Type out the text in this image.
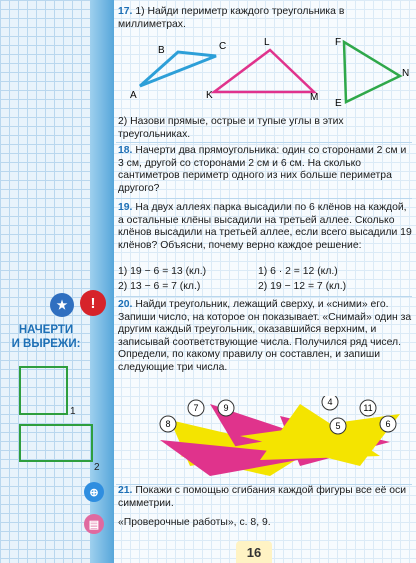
★	!
НАЧЕРТИ
И ВЫРЕЖИ:
1
2
⊕
▤
17. 1) Найди периметр каждого треугольника в миллиметрах.
B	C	L	F
A	K	M
N
E
2) Назови прямые, острые и тупые углы в этих треугольниках.
18. Начерти два прямоугольника: один со сторонами 2 см и 3 см, другой со сторонами 2 см и 6 см. На сколько сантиметров периметр одного из них больше периметра другого?
19. На двух аллеях парка высадили по 6 клёнов на каждой, а остальные клёны высадили на третьей аллее. Сколько клёнов высадили на третьей аллее, если всего высадили 19 клёнов? Объясни, почему верно каждое решение:
1) 19 − 6 = 13 (кл.)	1) 6 · 2 = 12 (кл.)
2) 13 − 6 = 7 (кл.)	2) 19 − 12 = 7 (кл.)
20. Найди треугольник, лежащий сверху, и «сними» его. Запиши число, на которое он показывает. «Снимай» один за другим каждый треугольник, оказавшийся верхним, и записывай соответствующие числа. Получился ряд чисел. Определи, по какому правилу он составлен, и запиши следующие три числа.
7	9
8
4
11
6
5
21. Покажи с помощью сгибания каждой фигуры все её оси симметрии.
«Проверочные работы», с. 8, 9.
16
